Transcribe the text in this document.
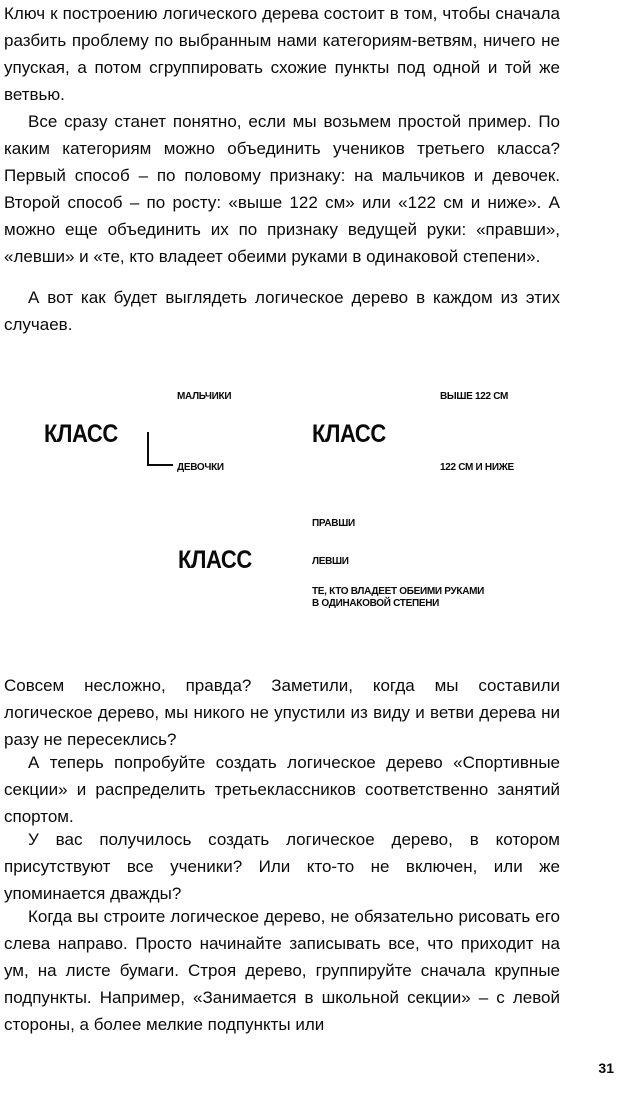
Ключ к построению логического дерева состоит в том, чтобы сначала разбить проблему по выбранным нами категориям-ветвям, ничего не упуская, а потом сгруппировать схожие пункты под одной и той же ветвью.

Все сразу станет понятно, если мы возьмем простой пример. По каким категориям можно объединить учеников третьего класса? Первый способ – по половому признаку: на мальчиков и девочек. Второй способ – по росту: «выше 122 см» или «122 см и ниже». А можно еще объединить их по признаку ведущей руки: «правши», «левши» и «те, кто владеет обеими руками в одинаковой степени».

А вот как будет выглядеть логическое дерево в каждом из этих случаев.

МАЛЬЧИКИ
КЛАСС
ДЕВОЧКИ
ВЫШЕ 122 СМ
КЛАСС
122 СМ И НИЖЕ
ПРАВШИ
КЛАСС	ЛЕВШИ
ТЕ, КТО ВЛАДЕЕТ ОБЕИМИ РУКАМИ
В ОДИНАКОВОЙ СТЕПЕНИ

Совсем несложно, правда? Заметили, когда мы составили логическое дерево, мы никого не упустили из виду и ветви дерева ни разу не пересеклись?

А теперь попробуйте создать логическое дерево «Спортивные секции» и распределить третьеклассников соответственно занятий спортом.

У вас получилось создать логическое дерево, в котором присутствуют все ученики? Или кто-то не включен, или же упоминается дважды?

Когда вы строите логическое дерево, не обязательно рисовать его слева направо. Просто начинайте записывать все, что приходит на ум, на листе бумаги. Строя дерево, группируйте сначала крупные подпункты. Например, «Занимается в школьной секции» – с левой стороны, а более мелкие подпункты или

31
